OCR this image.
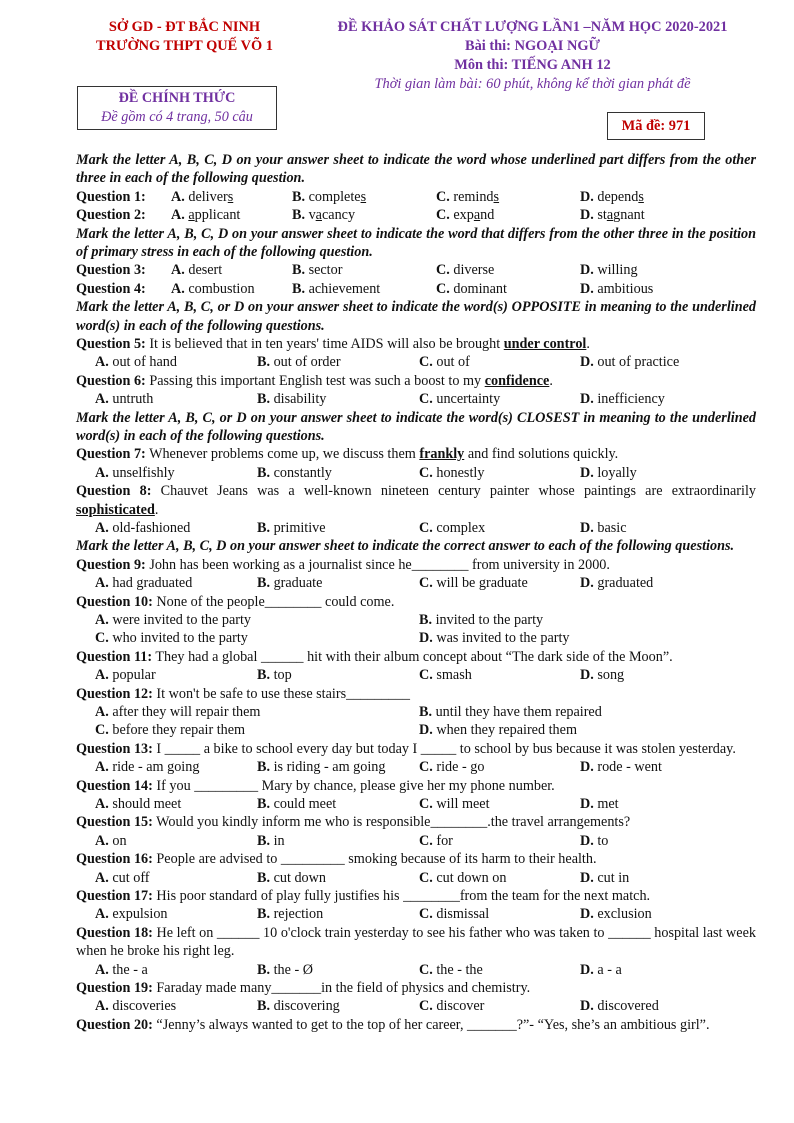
SỞ GD - ĐT BẮC NINH
TRƯỜNG THPT QUẾ VÕ 1
ĐỀ KHẢO SÁT CHẤT LƯỢNG LẦN1 –NĂM HỌC 2020-2021
Bài thi: NGOẠI NGỮ
Môn thi: TIẾNG ANH 12
Thời gian làm bài: 60 phút, không kể thời gian phát đề
ĐỀ CHÍNH THỨC
Đề gồm có 4 trang, 50 câu
Mã đề: 971
Mark the letter A, B, C, D on your answer sheet to indicate the word whose underlined part differs from the other three in each of the following question.
Question 1: A. delivers	B. completes	C. reminds	D. depends
Question 2: A. applicant	B. vacancy	C. expand	D. stagnant
Mark the letter A, B, C, D on your answer sheet to indicate the word that differs from the other three in the position of primary stress in each of the following question.
Question 3: A. desert	B. sector	C. diverse	D. willing
Question 4: A. combustion	B. achievement	C. dominant	D. ambitious
Mark the letter A, B, C, or D on your answer sheet to indicate the word(s) OPPOSITE in meaning to the underlined word(s) in each of the following questions.
Question 5: It is believed that in ten years' time AIDS will also be brought under control.
A. out of hand	B. out of order	C. out of	D. out of practice
Question 6: Passing this important English test was such a boost to my confidence.
A. untruth	B. disability	C. uncertainty	D. inefficiency
Mark the letter A, B, C, or D on your answer sheet to indicate the word(s) CLOSEST in meaning to the underlined word(s) in each of the following questions.
Question 7: Whenever problems come up, we discuss them frankly and find solutions quickly.
A. unselfishly	B. constantly	C. honestly	D. loyally
Question 8: Chauvet Jeans was a well-known nineteen century painter whose paintings are extraordinarily sophisticated.
A. old-fashioned	B. primitive	C. complex	D. basic
Mark the letter A, B, C, D on your answer sheet to indicate the correct answer to each of the following questions.
Question 9: John has been working as a journalist since he________ from university in 2000.
A. had graduated	B. graduate	C. will be graduate	D. graduated
Question 10: None of the people________ could come.
A. were invited to the party	B. invited to the party
C. who invited to the party	D. was invited to the party
Question 11: They had a global ______ hit with their album concept about “The dark side of the Moon”.
A. popular	B. top	C. smash	D. song
Question 12: It won't be safe to use these stairs_________
A. after they will repair them	B. until they have them repaired
C. before they repair them	D. when they repaired them
Question 13: I _____ a bike to school every day but today I _____ to school by bus because it was stolen yesterday.
A. ride - am going	B. is riding - am going C. ride - go	D. rode - went
Question 14: If you _________ Mary by chance, please give her my phone number.
A. should meet	B. could meet	C. will meet	D. met
Question 15: Would you kindly inform me who is responsible________.the travel arrangements?
A. on	B. in	C. for	D. to
Question 16: People are advised to _________ smoking because of its harm to their health.
A. cut off	B. cut down	C. cut down on	D. cut in
Question 17: His poor standard of play fully justifies his ________from the team for the next match.
A. expulsion	B. rejection	C. dismissal	D. exclusion
Question 18: He left on ______ 10 o'clock train yesterday to see his father who was taken to ______ hospital last week when he broke his right leg.
A. the - a	B. the - Ø	C. the - the	D. a - a
Question 19: Faraday made many_______in the field of physics and chemistry.
A. discoveries	B. discovering	C. discover	D. discovered
Question 20: “Jenny’s always wanted to get to the top of her career, _______?”- “Yes, she’s an ambitious girl”.
